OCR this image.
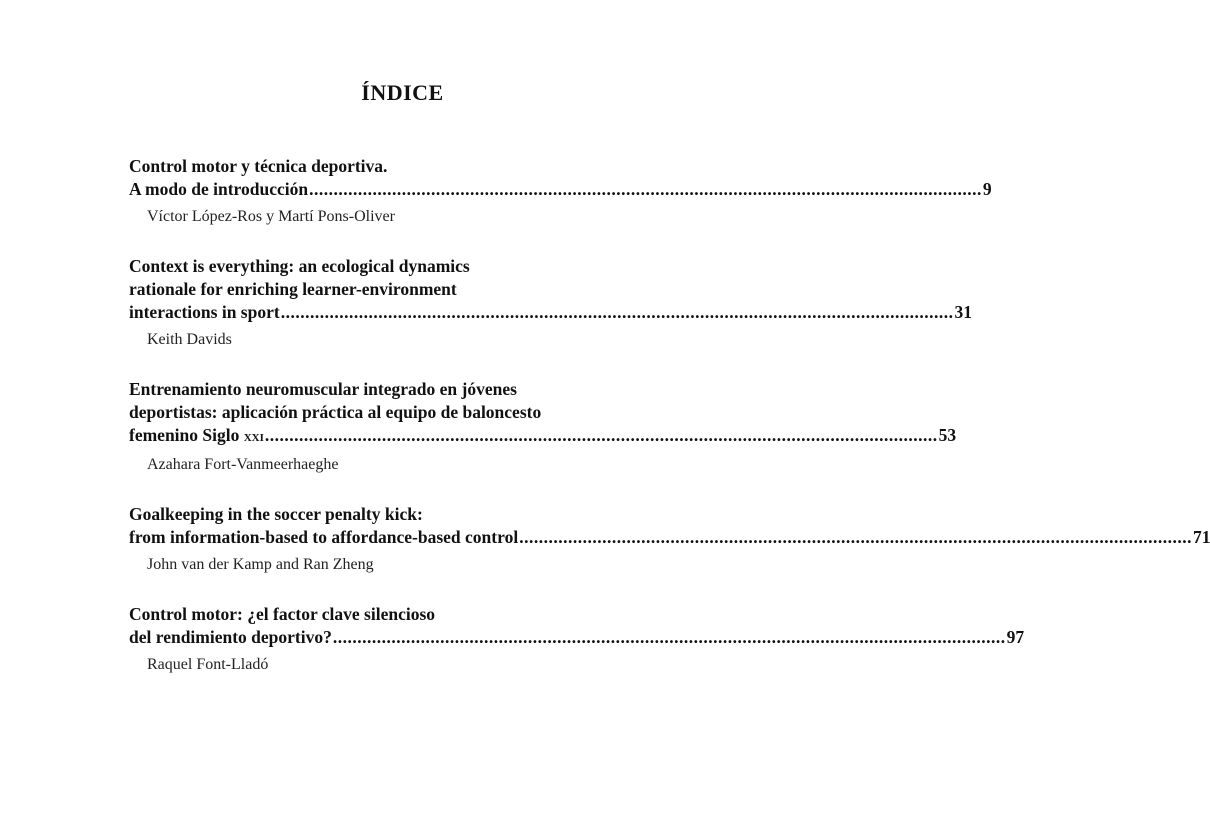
ÍNDICE
Control motor y técnica deportiva.
A modo de introducción .......................................................................................................................................... 9
Víctor López-Ros y Martí Pons-Oliver
Context is everything: an ecological dynamics
rationale for enriching learner-environment
interactions in sport .......................................................................................................................................... 31
Keith Davids
Entrenamiento neuromuscular integrado en jóvenes
deportistas: aplicación práctica al equipo de baloncesto
femenino Siglo xxi .......................................................................................................................................... 53
Azahara Fort-Vanmeerhaeghe
Goalkeeping in the soccer penalty kick:
from information-based to affordance-based control .......................................................................................................................................... 71
John van der Kamp and Ran Zheng
Control motor: ¿el factor clave silencioso
del rendimiento deportivo? .......................................................................................................................................... 97
Raquel Font-Lladó
